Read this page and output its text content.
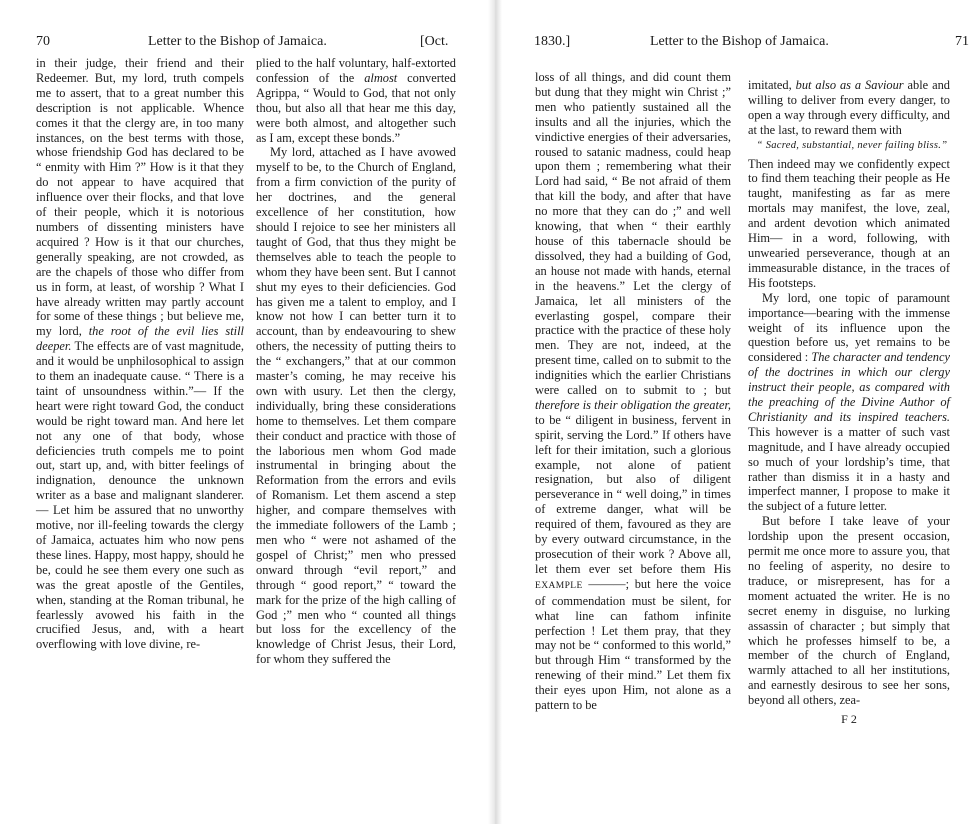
70	Letter to the Bishop of Jamaica.	[Oct.

in their judge, their friend and their Redeemer. But, my lord, truth compels me to assert, that to a great number this description is not applicable. Whence comes it that the clergy are, in too many instances, on the best terms with those, whose friendship God has declared to be “ enmity with Him ?” How is it that they do not appear to have acquired that influence over their flocks, and that love of their people, which it is notorious numbers of dissenting ministers have acquired ? How is it that our churches, generally speaking, are not crowded, as are the chapels of those who differ from us in form, at least, of worship ? What I have already written may partly account for some of these things ; but believe me, my lord, the root of the evil lies still deeper. The effects are of vast magnitude, and it would be unphilosophical to assign to them an inadequate cause. “ There is a taint of unsoundness within.”— If the heart were right toward God, the conduct would be right toward man. And here let not any one of that body, whose deficiencies truth compels me to point out, start up, and, with bitter feelings of indignation, denounce the unknown writer as a base and malignant slanderer.— Let him be assured that no unworthy motive, nor ill-feeling towards the clergy of Jamaica, actuates him who now pens these lines. Happy, most happy, should he be, could he see them every one such as was the great apostle of the Gentiles, when, standing at the Roman tribunal, he fearlessly avowed his faith in the crucified Jesus, and, with a heart overflowing with love divine, re-

plied to the half voluntary, half-extorted confession of the almost converted Agrippa, “ Would to God, that not only thou, but also all that hear me this day, were both almost, and altogether such as I am, except these bonds.”

My lord, attached as I have avowed myself to be, to the Church of England, from a firm conviction of the purity of her doctrines, and the general excellence of her constitution, how should I rejoice to see her ministers all taught of God, that thus they might be themselves able to teach the people to whom they have been sent. But I cannot shut my eyes to their deficiencies. God has given me a talent to employ, and I know not how I can better turn it to account, than by endeavouring to shew others, the necessity of putting theirs to the “ exchangers,” that at our common master’s coming, he may receive his own with usury. Let then the clergy, individually, bring these considerations home to themselves. Let them compare their conduct and practice with those of the laborious men whom God made instrumental in bringing about the Reformation from the errors and evils of Romanism. Let them ascend a step higher, and compare themselves with the immediate followers of the Lamb ; men who “ were not ashamed of the gospel of Christ;” men who pressed onward through “evil report,” and through “ good report,” “ toward the mark for the prize of the high calling of God ;” men who “ counted all things but loss for the excellency of the knowledge of Christ Jesus, their Lord, for whom they suffered the

1830.]	Letter to the Bishop of Jamaica.	71

loss of all things, and did count them but dung that they might win Christ ;” men who patiently sustained all the insults and all the injuries, which the vindictive energies of their adversaries, roused to satanic madness, could heap upon them ; remembering what their Lord had said, “ Be not afraid of them that kill the body, and after that have no more that they can do ;” and well knowing, that when “ their earthly house of this tabernacle should be dissolved, they had a building of God, an house not made with hands, eternal in the heavens.” Let the clergy of Jamaica, let all ministers of the everlasting gospel, compare their practice with the practice of these holy men. They are not, indeed, at the present time, called on to submit to the indignities which the earlier Christians were called on to submit to ; but therefore is their obligation the greater, to be “ diligent in business, fervent in spirit, serving the Lord.” If others have left for their imitation, such a glorious example, not alone of patient resignation, but also of diligent perseverance in “ well doing,” in times of extreme danger, what will be required of them, favoured as they are by every outward circumstance, in the prosecution of their work ? Above all, let them ever set before them His EXAMPLE ———; but here the voice of commendation must be silent, for what line can fathom infinite perfection ! Let them pray, that they may not be “ conformed to this world,” but through Him “ transformed by the renewing of their mind.” Let them fix their eyes upon Him, not alone as a pattern to be

imitated, but also as a Saviour able and willing to deliver from every danger, to open a way through every difficulty, and at the last, to reward them with

“ Sacred, substantial, never failing bliss.”

Then indeed may we confidently expect to find them teaching their people as He taught, manifesting as far as mere mortals may manifest, the love, zeal, and ardent devotion which animated Him— in a word, following, with unwearied perseverance, though at an immeasurable distance, in the traces of His footsteps.

My lord, one topic of paramount importance—bearing with the immense weight of its influence upon the question before us, yet remains to be considered : The character and tendency of the doctrines in which our clergy instruct their people, as compared with the preaching of the Divine Author of Christianity and its inspired teachers. This however is a matter of such vast magnitude, and I have already occupied so much of your lordship’s time, that rather than dismiss it in a hasty and imperfect manner, I propose to make it the subject of a future letter.

But before I take leave of your lordship upon the present occasion, permit me once more to assure you, that no feeling of asperity, no desire to traduce, or misrepresent, has for a moment actuated the writer. He is no secret enemy in disguise, no lurking assassin of character ; but simply that which he professes himself to be, a member of the church of England, warmly attached to all her institutions, and earnestly desirous to see her sons, beyond all others, zea-

F 2
